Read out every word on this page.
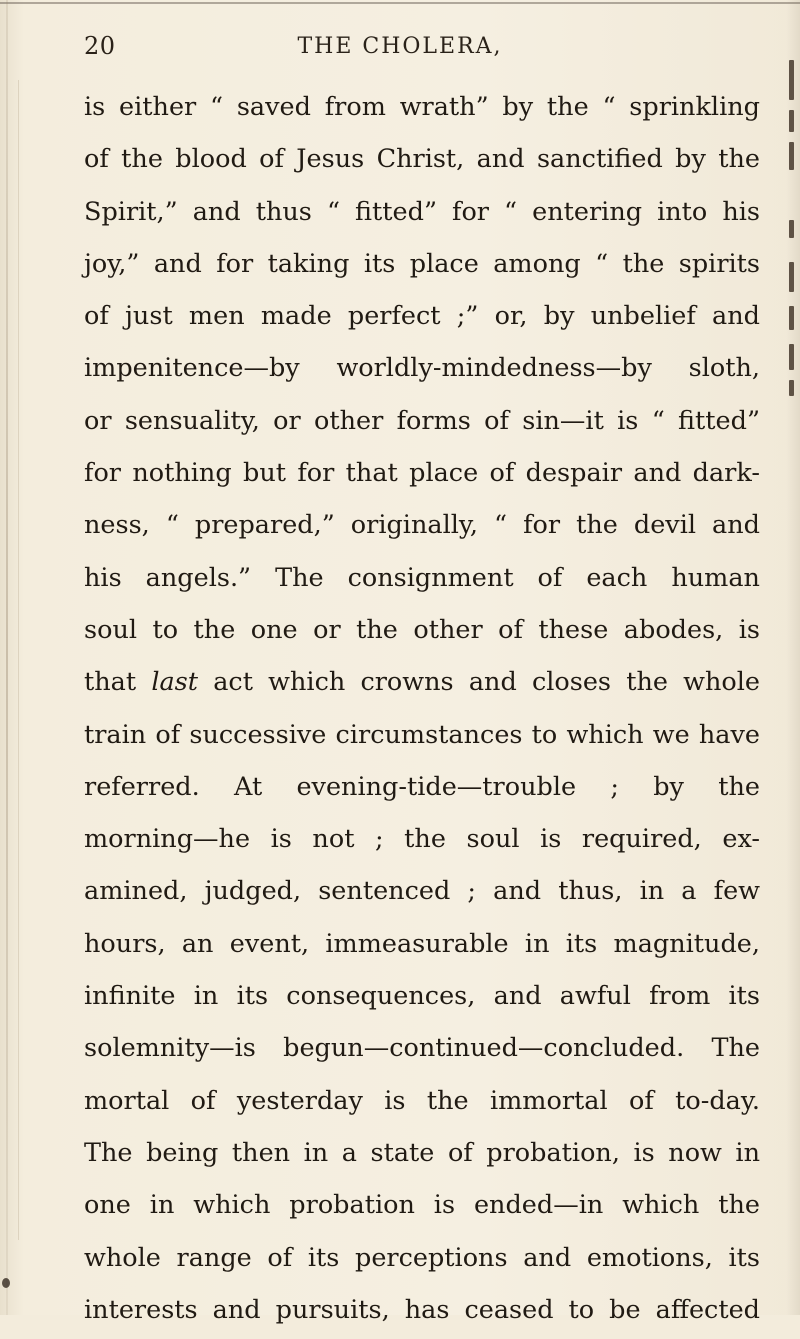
20	THE CHOLERA,
is either “ saved from wrath” by the “ sprinkling
of the blood of Jesus Christ, and sanctified by the
Spirit,” and thus “ fitted” for “ entering into his
joy,” and for taking its place among “ the spirits
of just men made perfect ;” or, by unbelief and
impenitence—by worldly-mindedness—by sloth,
or sensuality, or other forms of sin—it is “ fitted”
for nothing but for that place of despair and dark-
ness, “ prepared,” originally, “ for the devil and
his angels.” The consignment of each human
soul to the one or the other of these abodes, is
that last act which crowns and closes the whole
train of successive circumstances to which we have
referred. At evening-tide—trouble ; by the
morning—he is not ; the soul is required, ex-
amined, judged, sentenced ; and thus, in a few
hours, an event, immeasurable in its magnitude,
infinite in its consequences, and awful from its
solemnity—is begun—continued—concluded. The
mortal of yesterday is the immortal of to-day.
The being then in a state of probation, is now in
one in which probation is ended—in which the
whole range of its perceptions and emotions, its
interests and pursuits, has ceased to be affected
